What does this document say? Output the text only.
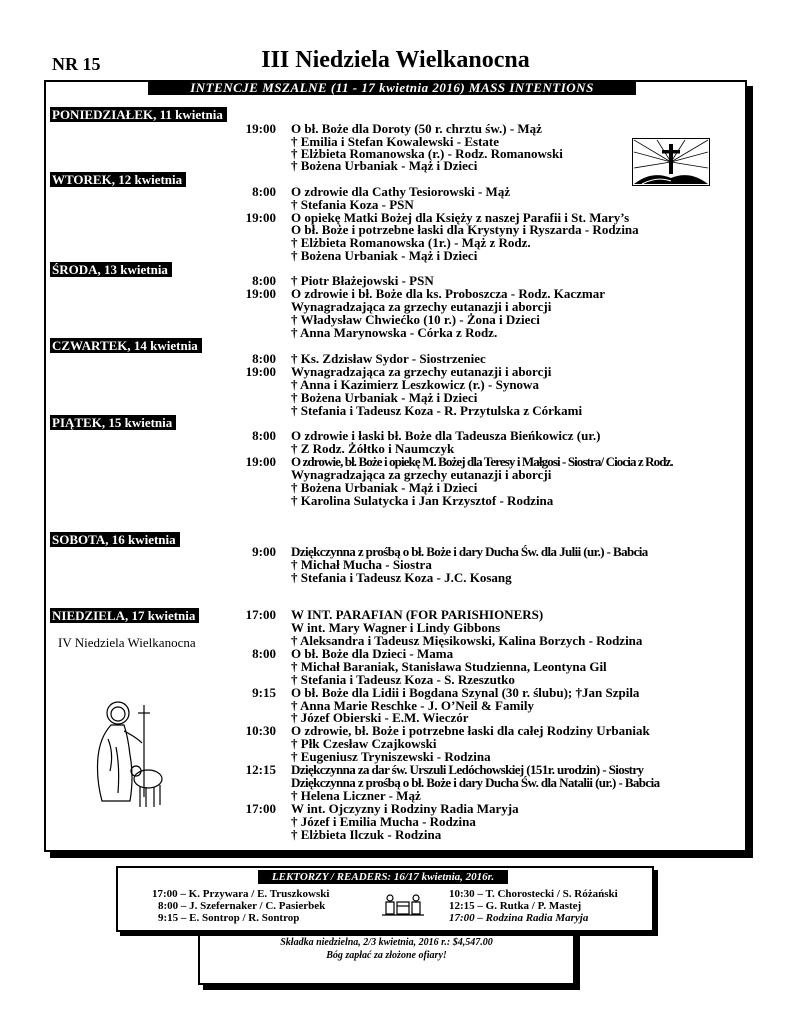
NR 15	III Niedziela Wielkanocna
INTENCJE MSZALNE (11 - 17 kwietnia 2016) MASS INTENTIONS
PONIEDZIAŁEK, 11 kwietnia
WTOREK, 12 kwietnia
ŚRODA, 13 kwietnia
CZWARTEK, 14 kwietnia
PIĄTEK, 15 kwietnia
SOBOTA, 16 kwietnia
NIEDZIELA, 17 kwietnia
IV Niedziela Wielkanocna
19:00
8:00
19:00
8:00
19:00
8:00
19:00
8:00
19:00
9:00
17:00
8:00
9:15
10:30
12:15
17:00
O bł. Boże dla Doroty (50 r. chrztu św.) - Mąż
† Emilia i Stefan Kowalewski - Estate
† Elżbieta Romanowska (r.) - Rodz. Romanowski
† Bożena Urbaniak - Mąż i Dzieci
O zdrowie dla Cathy Tesiorowski - Mąż
† Stefania Koza - PSN
O opiekę Matki Bożej dla Księży z naszej Parafii i St. Mary’s
O bł. Boże i potrzebne łaski dla Krystyny i Ryszarda - Rodzina
† Elżbieta Romanowska (1r.) - Mąż z Rodz.
† Bożena Urbaniak - Mąż i Dzieci
† Piotr Błażejowski - PSN
O zdrowie i bł. Boże dla ks. Proboszcza - Rodz. Kaczmar
Wynagradzająca za grzechy eutanazji i aborcji
† Władysław Chwiećko (10 r.) - Żona i Dzieci
† Anna Marynowska - Córka z Rodz.
† Ks. Zdzisław Sydor - Siostrzeniec
Wynagradzająca za grzechy eutanazji i aborcji
† Anna i Kazimierz Leszkowicz (r.) - Synowa
† Bożena Urbaniak - Mąż i Dzieci
† Stefania i Tadeusz Koza - R. Przytulska z Córkami
O zdrowie i łaski bł. Boże dla Tadeusza Bieńkowicz (ur.)
† Z Rodz. Żółtko i Naumczyk
O zdrowie, bł. Boże i opiekę M. Bożej dla Teresy i Małgosi - Siostra/ Ciocia z Rodz.
Wynagradzająca za grzechy eutanazji i aborcji
† Bożena Urbaniak - Mąż i Dzieci
† Karolina Sulatycka i Jan Krzysztof - Rodzina
Dziękczynna z prośbą o bł. Boże i dary Ducha Św. dla Julii (ur.) - Babcia
† Michał Mucha - Siostra
† Stefania i Tadeusz Koza - J.C. Kosang
W INT. PARAFIAN (FOR PARISHIONERS)
W int. Mary Wagner i Lindy Gibbons
† Aleksandra i Tadeusz Mięsikowski, Kalina Borzych - Rodzina
O bł. Boże dla Dzieci - Mama
† Michał Baraniak, Stanisława Studzienna, Leontyna Gil
† Stefania i Tadeusz Koza - S. Rzeszutko
O bł. Boże dla Lidii i Bogdana Szynal (30 r. ślubu); †Jan Szpila
† Anna Marie Reschke - J. O’Neil & Family
† Józef Obierski - E.M. Wieczór
O zdrowie, bł. Boże i potrzebne łaski dla całej Rodziny Urbaniak
† Płk Czesław Czajkowski
† Eugeniusz Tryniszewski - Rodzina
Dziękczynna za dar św. Urszuli Ledóchowskiej (151r. urodzin) - Siostry
Dziękczynna z prośbą o bł. Boże i dary Ducha Św. dla Natalii (ur.) - Babcia
† Helena Liczner - Mąż
W int. Ojczyzny i Rodziny Radia Maryja
† Józef i Emilia Mucha - Rodzina
† Elżbieta Ilczuk - Rodzina
LEKTORZY / READERS: 16/17 kwietnia, 2016r.
17:00 – K. Przywara / E. Truszkowski
8:00 – J. Szefernaker / C. Pasierbek
9:15 – E. Sontrop / R. Sontrop
10:30 – T. Chorostecki / S. Różański
12:15 – G. Rutka / P. Mastej
17:00 – Rodzina Radia Maryja
Składka niedzielna, 2/3 kwietnia, 2016 r.: $4,547.00
Bóg zapłać za złożone ofiary!
